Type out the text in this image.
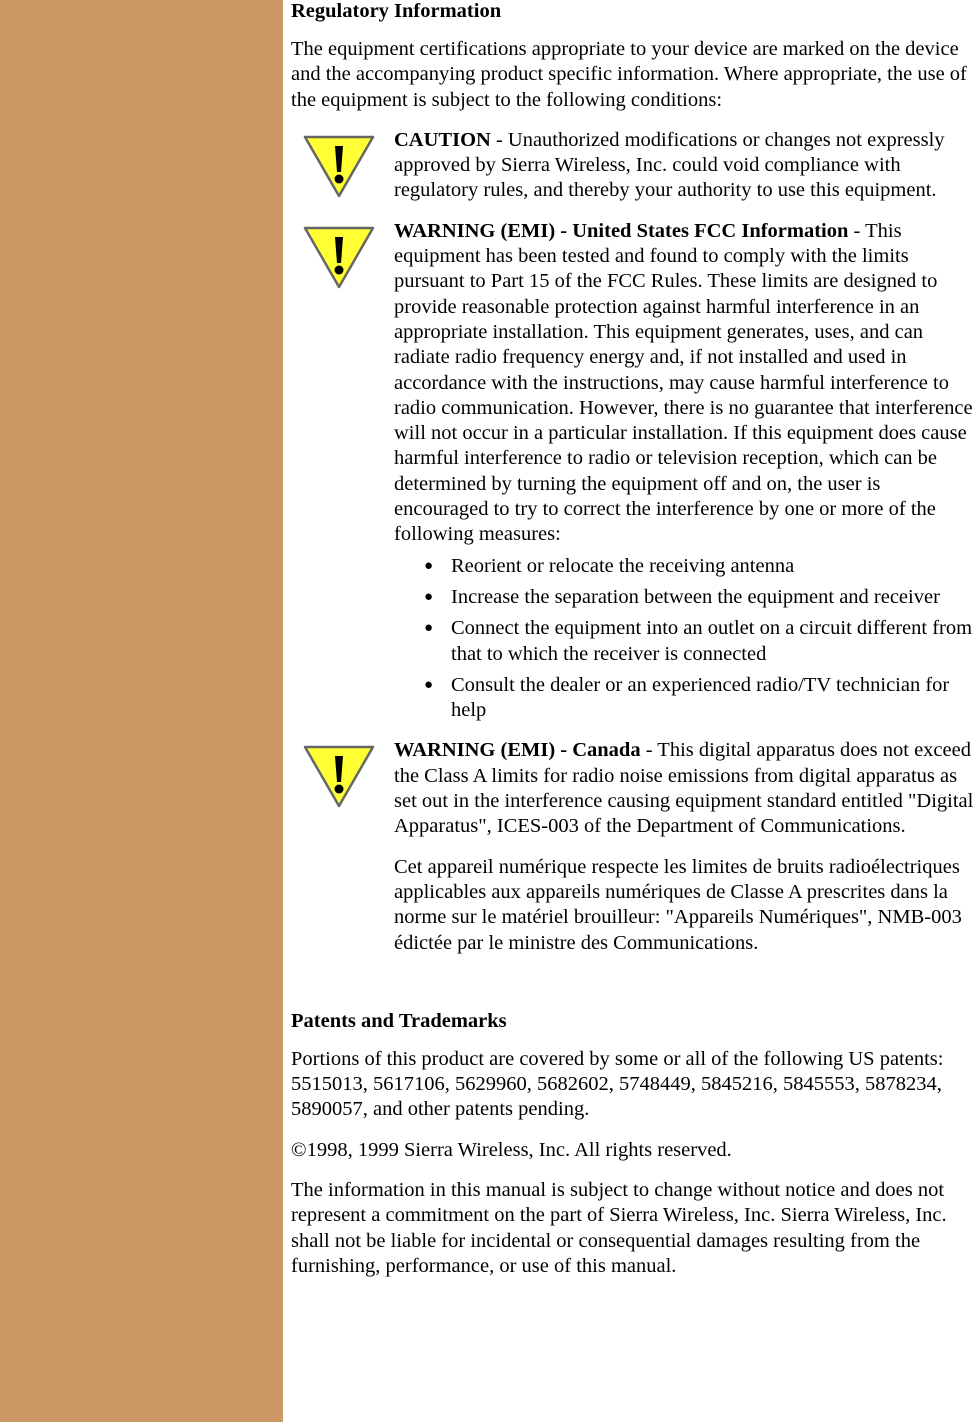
Regulatory Information

The equipment certifications appropriate to your device are marked on the device and the accompanying product specific information. Where appropriate, the use of the equipment is subject to the following conditions:

CAUTION - Unauthorized modifications or changes not expressly approved by Sierra Wireless, Inc. could void compliance with regulatory rules, and thereby your authority to use this equipment.

WARNING (EMI) - United States FCC Information - This equipment has been tested and found to comply with the limits pursuant to Part 15 of the FCC Rules. These limits are designed to provide reasonable protection against harmful interference in an appropriate installation. This equipment generates, uses, and can radiate radio frequency energy and, if not installed and used in accordance with the instructions, may cause harmful interference to radio communication. However, there is no guarantee that interference will not occur in a particular installation. If this equipment does cause harmful interference to radio or television reception, which can be determined by turning the equipment off and on, the user is encouraged to try to correct the interference by one or more of the following measures:

● Reorient or relocate the receiving antenna
● Increase the separation between the equipment and receiver
● Connect the equipment into an outlet on a circuit different from that to which the receiver is connected
● Consult the dealer or an experienced radio/TV technician for help

WARNING (EMI) - Canada - This digital apparatus does not exceed the Class A limits for radio noise emissions from digital apparatus as set out in the interference causing equipment standard entitled "Digital Apparatus", ICES-003 of the Department of Communications.

Cet appareil numérique respecte les limites de bruits radioélectriques applicables aux appareils numériques de Classe A prescrites dans la norme sur le matériel brouilleur: "Appareils Numériques", NMB-003 édictée par le ministre des Communications.

Patents and Trademarks

Portions of this product are covered by some or all of the following US patents: 5515013, 5617106, 5629960, 5682602, 5748449, 5845216, 5845553, 5878234, 5890057, and other patents pending.

©1998, 1999 Sierra Wireless, Inc. All rights reserved.

The information in this manual is subject to change without notice and does not represent a commitment on the part of Sierra Wireless, Inc. Sierra Wireless, Inc. shall not be liable for incidental or consequential damages resulting from the furnishing, performance, or use of this manual.
